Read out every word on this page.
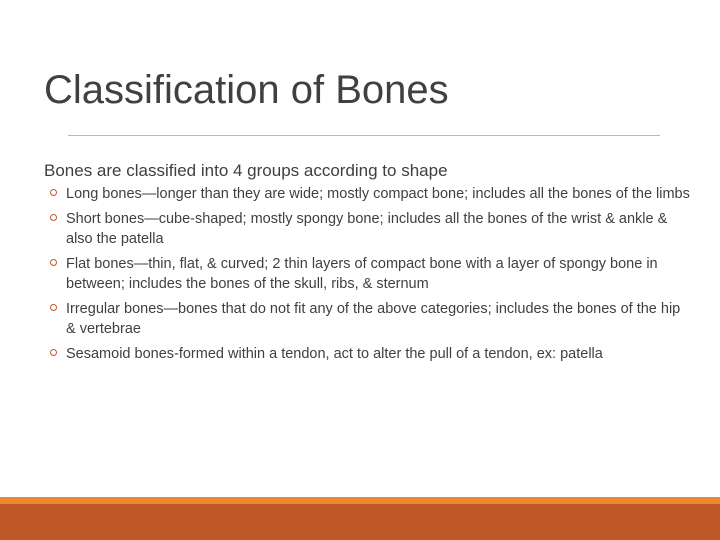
Classification of Bones
Bones are classified into 4 groups according to shape
Long bones—longer than they are wide; mostly compact bone; includes all the bones of the limbs
Short bones—cube-shaped; mostly spongy bone; includes all the bones of the wrist & ankle & also the patella
Flat bones—thin, flat, & curved; 2 thin layers of compact bone with a layer of spongy bone in between; includes the bones of the skull, ribs, & sternum
Irregular bones—bones that do not fit any of the above categories; includes the bones of the hip & vertebrae
Sesamoid bones-formed within a tendon, act to alter the pull of a tendon, ex: patella
